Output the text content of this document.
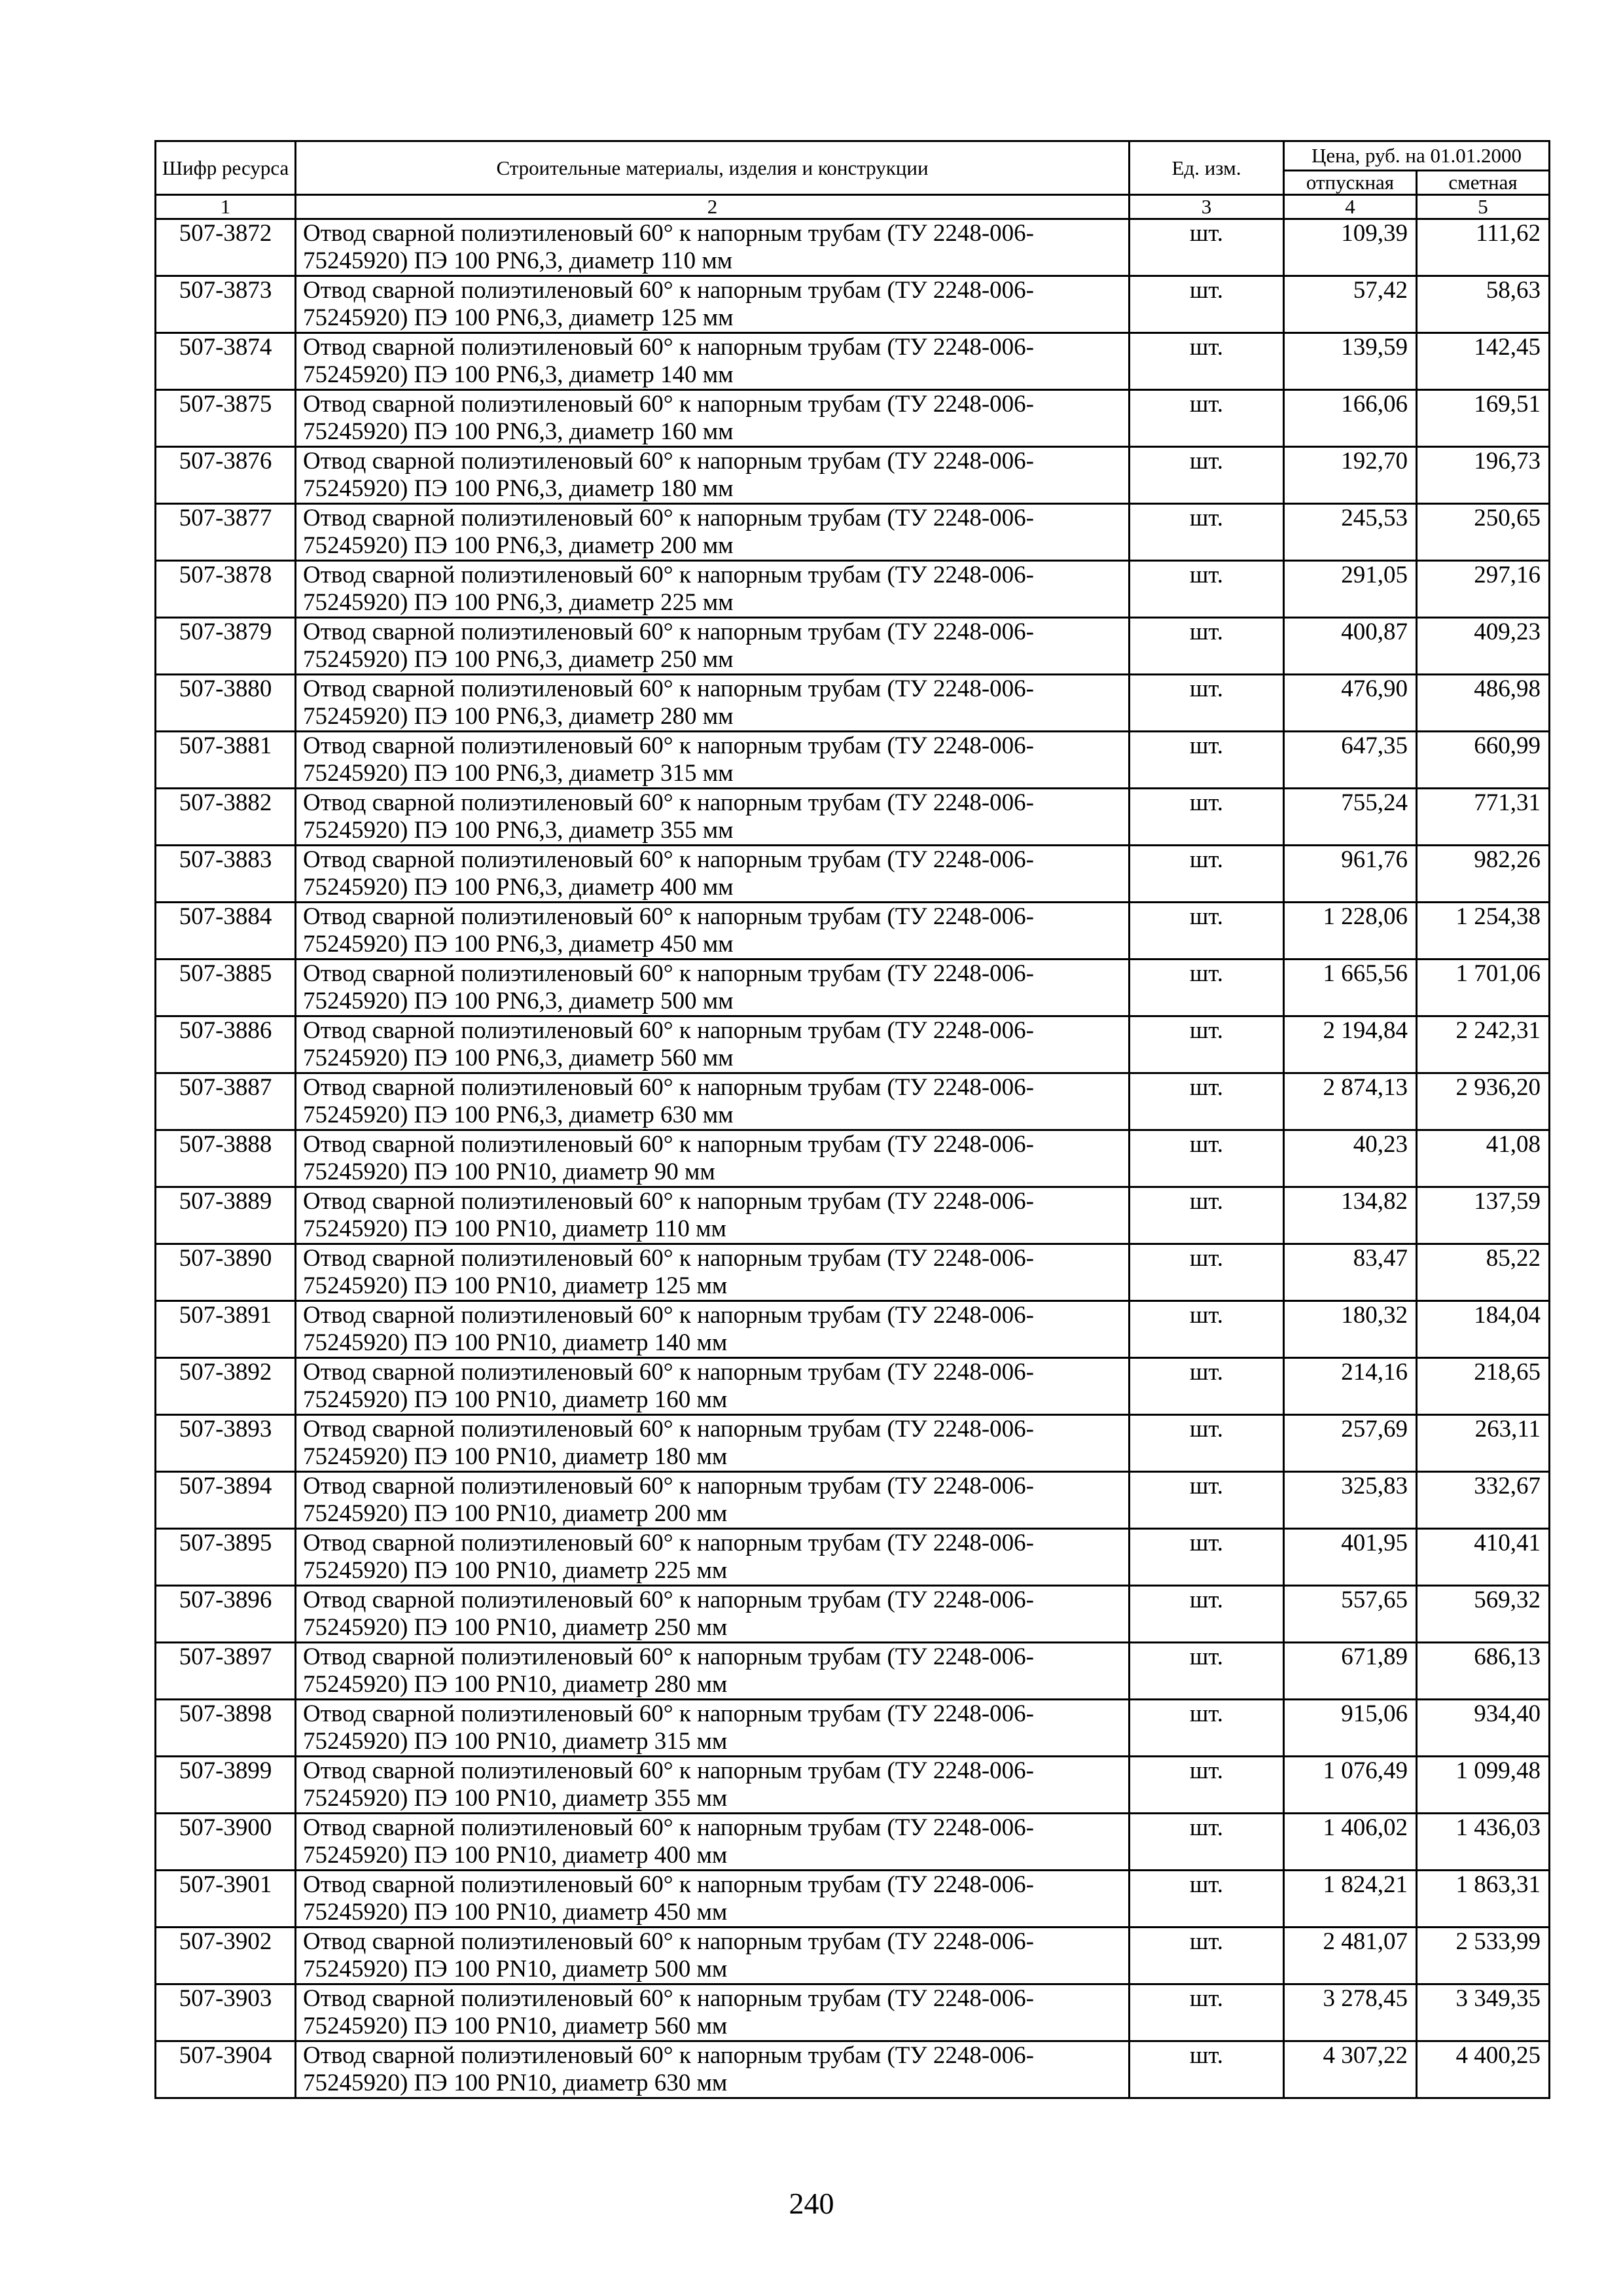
Шифр ресурса	Строительные материалы, изделия и конструкции	Ед. изм.	Цена, руб. на 01.01.2000	
			отпускная	сметная
1	2	3	4	5
507-3872	Отвод сварной полиэтиленовый 60° к напорным трубам (ТУ 2248-006-
75245920) ПЭ 100 PN6,3, диаметр 110 мм	шт.	109,39	111,62
507-3873	Отвод сварной полиэтиленовый 60° к напорным трубам (ТУ 2248-006-
75245920) ПЭ 100 PN6,3, диаметр 125 мм	шт.	57,42	58,63
507-3874	Отвод сварной полиэтиленовый 60° к напорным трубам (ТУ 2248-006-
75245920) ПЭ 100 PN6,3, диаметр 140 мм	шт.	139,59	142,45
507-3875	Отвод сварной полиэтиленовый 60° к напорным трубам (ТУ 2248-006-
75245920) ПЭ 100 PN6,3, диаметр 160 мм	шт.	166,06	169,51
507-3876	Отвод сварной полиэтиленовый 60° к напорным трубам (ТУ 2248-006-
75245920) ПЭ 100 PN6,3, диаметр 180 мм	шт.	192,70	196,73
507-3877	Отвод сварной полиэтиленовый 60° к напорным трубам (ТУ 2248-006-
75245920) ПЭ 100 PN6,3, диаметр 200 мм	шт.	245,53	250,65
507-3878	Отвод сварной полиэтиленовый 60° к напорным трубам (ТУ 2248-006-
75245920) ПЭ 100 PN6,3, диаметр 225 мм	шт.	291,05	297,16
507-3879	Отвод сварной полиэтиленовый 60° к напорным трубам (ТУ 2248-006-
75245920) ПЭ 100 PN6,3, диаметр 250 мм	шт.	400,87	409,23
507-3880	Отвод сварной полиэтиленовый 60° к напорным трубам (ТУ 2248-006-
75245920) ПЭ 100 PN6,3, диаметр 280 мм	шт.	476,90	486,98
507-3881	Отвод сварной полиэтиленовый 60° к напорным трубам (ТУ 2248-006-
75245920) ПЭ 100 PN6,3, диаметр 315 мм	шт.	647,35	660,99
507-3882	Отвод сварной полиэтиленовый 60° к напорным трубам (ТУ 2248-006-
75245920) ПЭ 100 PN6,3, диаметр 355 мм	шт.	755,24	771,31
507-3883	Отвод сварной полиэтиленовый 60° к напорным трубам (ТУ 2248-006-
75245920) ПЭ 100 PN6,3, диаметр 400 мм	шт.	961,76	982,26
507-3884	Отвод сварной полиэтиленовый 60° к напорным трубам (ТУ 2248-006-
75245920) ПЭ 100 PN6,3, диаметр 450 мм	шт.	1 228,06	1 254,38
507-3885	Отвод сварной полиэтиленовый 60° к напорным трубам (ТУ 2248-006-
75245920) ПЭ 100 PN6,3, диаметр 500 мм	шт.	1 665,56	1 701,06
507-3886	Отвод сварной полиэтиленовый 60° к напорным трубам (ТУ 2248-006-
75245920) ПЭ 100 PN6,3, диаметр 560 мм	шт.	2 194,84	2 242,31
507-3887	Отвод сварной полиэтиленовый 60° к напорным трубам (ТУ 2248-006-
75245920) ПЭ 100 PN6,3, диаметр 630 мм	шт.	2 874,13	2 936,20
507-3888	Отвод сварной полиэтиленовый 60° к напорным трубам (ТУ 2248-006-
75245920) ПЭ 100 PN10, диаметр 90 мм	шт.	40,23	41,08
507-3889	Отвод сварной полиэтиленовый 60° к напорным трубам (ТУ 2248-006-
75245920) ПЭ 100 PN10, диаметр 110 мм	шт.	134,82	137,59
507-3890	Отвод сварной полиэтиленовый 60° к напорным трубам (ТУ 2248-006-
75245920) ПЭ 100 PN10, диаметр 125 мм	шт.	83,47	85,22
507-3891	Отвод сварной полиэтиленовый 60° к напорным трубам (ТУ 2248-006-
75245920) ПЭ 100 PN10, диаметр 140 мм	шт.	180,32	184,04
507-3892	Отвод сварной полиэтиленовый 60° к напорным трубам (ТУ 2248-006-
75245920) ПЭ 100 PN10, диаметр 160 мм	шт.	214,16	218,65
507-3893	Отвод сварной полиэтиленовый 60° к напорным трубам (ТУ 2248-006-
75245920) ПЭ 100 PN10, диаметр 180 мм	шт.	257,69	263,11
507-3894	Отвод сварной полиэтиленовый 60° к напорным трубам (ТУ 2248-006-
75245920) ПЭ 100 PN10, диаметр 200 мм	шт.	325,83	332,67
507-3895	Отвод сварной полиэтиленовый 60° к напорным трубам (ТУ 2248-006-
75245920) ПЭ 100 PN10, диаметр 225 мм	шт.	401,95	410,41
507-3896	Отвод сварной полиэтиленовый 60° к напорным трубам (ТУ 2248-006-
75245920) ПЭ 100 PN10, диаметр 250 мм	шт.	557,65	569,32
507-3897	Отвод сварной полиэтиленовый 60° к напорным трубам (ТУ 2248-006-
75245920) ПЭ 100 PN10, диаметр 280 мм	шт.	671,89	686,13
507-3898	Отвод сварной полиэтиленовый 60° к напорным трубам (ТУ 2248-006-
75245920) ПЭ 100 PN10, диаметр 315 мм	шт.	915,06	934,40
507-3899	Отвод сварной полиэтиленовый 60° к напорным трубам (ТУ 2248-006-
75245920) ПЭ 100 PN10, диаметр 355 мм	шт.	1 076,49	1 099,48
507-3900	Отвод сварной полиэтиленовый 60° к напорным трубам (ТУ 2248-006-
75245920) ПЭ 100 PN10, диаметр 400 мм	шт.	1 406,02	1 436,03
507-3901	Отвод сварной полиэтиленовый 60° к напорным трубам (ТУ 2248-006-
75245920) ПЭ 100 PN10, диаметр 450 мм	шт.	1 824,21	1 863,31
507-3902	Отвод сварной полиэтиленовый 60° к напорным трубам (ТУ 2248-006-
75245920) ПЭ 100 PN10, диаметр 500 мм	шт.	2 481,07	2 533,99
507-3903	Отвод сварной полиэтиленовый 60° к напорным трубам (ТУ 2248-006-
75245920) ПЭ 100 PN10, диаметр 560 мм	шт.	3 278,45	3 349,35
507-3904	Отвод сварной полиэтиленовый 60° к напорным трубам (ТУ 2248-006-
75245920) ПЭ 100 PN10, диаметр 630 мм	шт.	4 307,22	4 400,25
240
